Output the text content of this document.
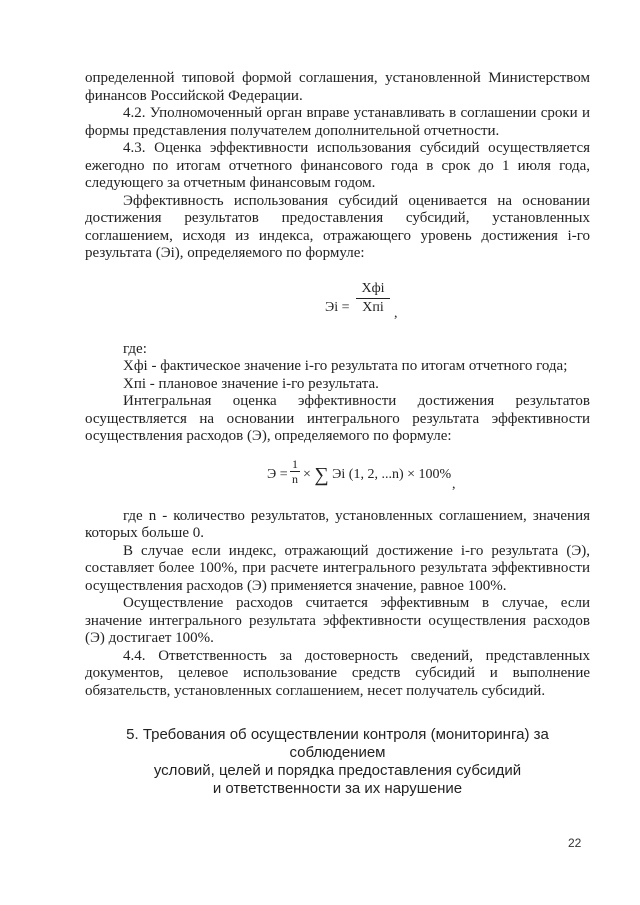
определенной типовой формой соглашения, установленной Министерством финансов Российской Федерации.

4.2. Уполномоченный орган вправе устанавливать в соглашении сроки и формы представления получателем дополнительной отчетности.

4.3. Оценка эффективности использования субсидий осуществляется ежегодно по итогам отчетного финансового года в срок до 1 июля года, следующего за отчетным финансовым годом.

Эффективность использования субсидий оценивается на основании достижения результатов предоставления субсидий, установленных соглашением, исходя из индекса, отражающего уровень достижения i-го результата (Эi), определяемого по формуле:

Эi =
Хфi
Хпi ,

где:

Хфi - фактическое значение i-го результата по итогам отчетного года;

Хпi - плановое значение i-го результата.

Интегральная оценка эффективности достижения результатов осуществляется на основании интегрального результата эффективности осуществления расходов (Э), определяемого по формуле:

$Э = \frac{1}{n}$ × ∑ Эi (1, 2, ...n) × 100%
,

где n - количество результатов, установленных соглашением, значения которых больше 0.

В случае если индекс, отражающий достижение i-го результата (Э), составляет более 100%, при расчете интегрального результата эффективности осуществления расходов (Э) применяется значение, равное 100%.

Осуществление расходов считается эффективным в случае, если значение интегрального результата эффективности осуществления расходов (Э) достигает 100%.

4.4. Ответственность за достоверность сведений, представленных документов, целевое использование средств субсидий и выполнение обязательств, установленных соглашением, несет получатель субсидий.

5. Требования об осуществлении контроля (мониторинга) за соблюдением
условий, целей и порядка предоставления субсидий
и ответственности за их нарушение
22
